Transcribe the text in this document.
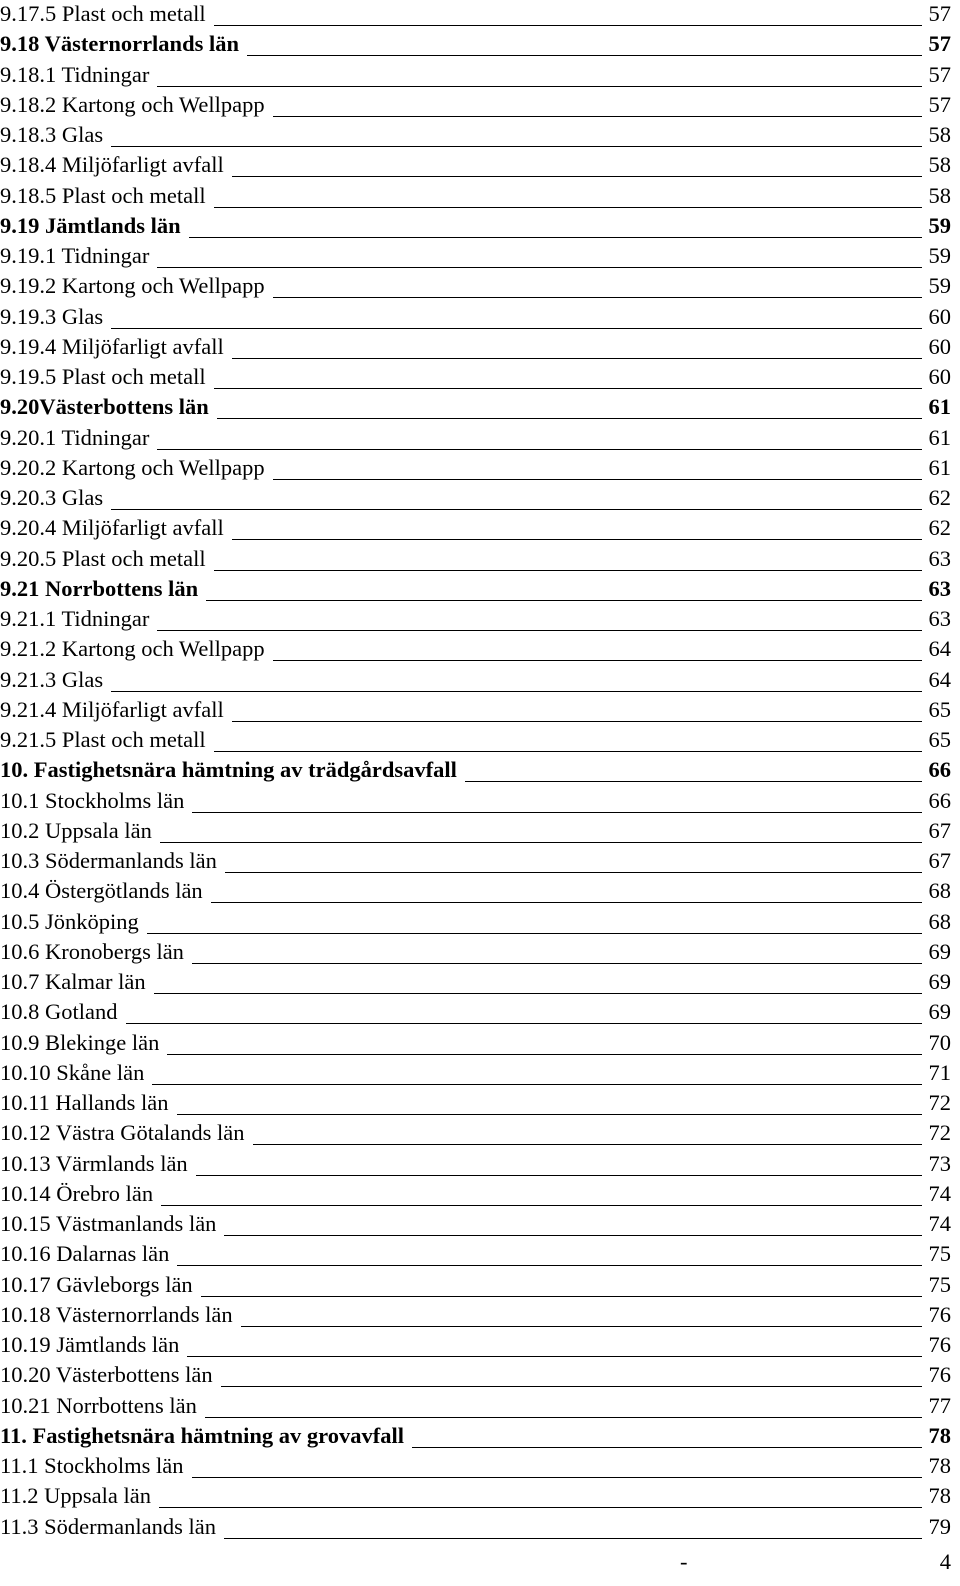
9.17.5 Plast och metall	57
9.18 Västernorrlands län	57
9.18.1 Tidningar	57
9.18.2 Kartong och Wellpapp	57
9.18.3 Glas	58
9.18.4 Miljöfarligt avfall	58
9.18.5 Plast och metall	58
9.19 Jämtlands län	59
9.19.1 Tidningar	59
9.19.2 Kartong och Wellpapp	59
9.19.3 Glas	60
9.19.4 Miljöfarligt avfall	60
9.19.5 Plast och metall	60
9.20Västerbottens län	61
9.20.1 Tidningar	61
9.20.2 Kartong och Wellpapp	61
9.20.3 Glas	62
9.20.4 Miljöfarligt avfall	62
9.20.5 Plast och metall	63
9.21 Norrbottens län	63
9.21.1 Tidningar	63
9.21.2 Kartong och Wellpapp	64
9.21.3 Glas	64
9.21.4 Miljöfarligt avfall	65
9.21.5 Plast och metall	65
10. Fastighetsnära hämtning av trädgårdsavfall	66
10.1 Stockholms län	66
10.2 Uppsala län	67
10.3 Södermanlands län	67
10.4 Östergötlands län	68
10.5 Jönköping	68
10.6 Kronobergs län	69
10.7 Kalmar län	69
10.8 Gotland	69
10.9 Blekinge län	70
10.10 Skåne län	71
10.11 Hallands län	72
10.12 Västra Götalands län	72
10.13 Värmlands län	73
10.14 Örebro län	74
10.15 Västmanlands län	74
10.16 Dalarnas län	75
10.17 Gävleborgs län	75
10.18 Västernorrlands län	76
10.19 Jämtlands län	76
10.20 Västerbottens län	76
10.21 Norrbottens län	77
11. Fastighetsnära hämtning av grovavfall	78
11.1 Stockholms län	78
11.2 Uppsala län	78
11.3 Södermanlands län	79
-	4
